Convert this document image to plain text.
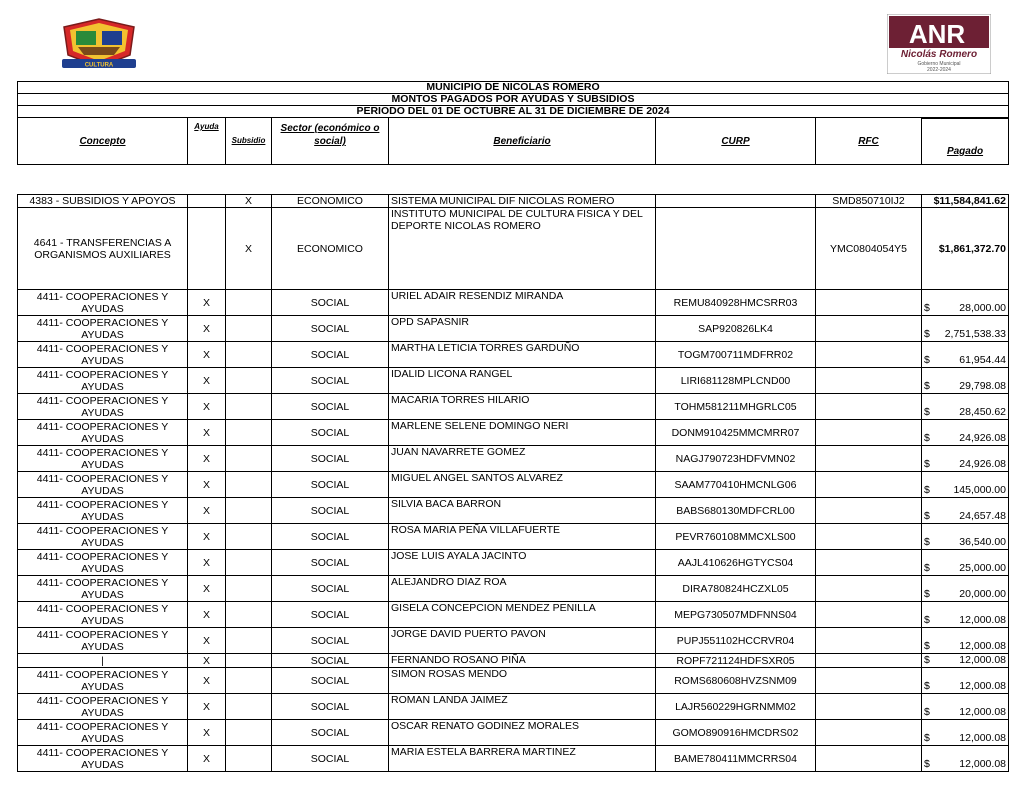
CULTURA
ANR
Nicolás Romero
Gobierno Municipal
2022-2024
MUNICIPIO DE NICOLAS ROMERO
MONTOS PAGADOS POR AYUDAS Y SUBSIDIOS
PERIODO DEL 01 DE OCTUBRE AL 31 DE DICIEMBRE DE 2024
Concepto	Ayuda	Subsidio	Sector (económico o social)	Beneficiario	CURP	RFC	Pagado
4383 - SUBSIDIOS Y APOYOS		X	ECONOMICO	SISTEMA MUNICIPAL DIF NICOLAS ROMERO		SMD850710IJ2	$11,584,841.62
4641 - TRANSFERENCIAS A ORGANISMOS AUXILIARES		X	ECONOMICO	INSTITUTO MUNICIPAL DE CULTURA FISICA Y DEL DEPORTE NICOLAS ROMERO		YMC0804054Y5	$1,861,372.70
4411- COOPERACIONES Y AYUDAS	X		SOCIAL	URIEL ADAIR RESENDIZ MIRANDA	REMU840928HMCSRR03		$ 28,000.00

4411- COOPERACIONES Y AYUDAS	X		SOCIAL	OPD SAPASNIR	SAP920826LK4		$ 2,751,538.33

4411- COOPERACIONES Y AYUDAS	X		SOCIAL	MARTHA LETICIA TORRES GARDUÑO	TOGM700711MDFRR02		$ 61,954.44

4411- COOPERACIONES Y AYUDAS	X		SOCIAL	IDALID LICONA RANGEL	LIRI681128MPLCND00		$ 29,798.08

4411- COOPERACIONES Y AYUDAS	X		SOCIAL	MACARIA TORRES HILARIO	TOHM581211MHGRLC05		$ 28,450.62

4411- COOPERACIONES Y AYUDAS	X		SOCIAL	MARLENE SELENE DOMINGO NERI	DONM910425MMCMRR07		$ 24,926.08

4411- COOPERACIONES Y AYUDAS	X		SOCIAL	JUAN NAVARRETE GOMEZ	NAGJ790723HDFVMN02		$ 24,926.08

4411- COOPERACIONES Y AYUDAS	X		SOCIAL	MIGUEL ANGEL SANTOS ALVAREZ	SAAM770410HMCNLG06		$ 145,000.00

4411- COOPERACIONES Y AYUDAS	X		SOCIAL	SILVIA BACA BARRON	BABS680130MDFCRL00		$ 24,657.48

4411- COOPERACIONES Y AYUDAS	X		SOCIAL	ROSA MARIA PEÑA VILLAFUERTE	PEVR760108MMCXLS00		$ 36,540.00

4411- COOPERACIONES Y AYUDAS	X		SOCIAL	JOSE LUIS AYALA JACINTO	AAJL410626HGTYCS04		$ 25,000.00

4411- COOPERACIONES Y AYUDAS	X		SOCIAL	ALEJANDRO DIAZ ROA	DIRA780824HCZXL05		$ 20,000.00

4411- COOPERACIONES Y AYUDAS	X		SOCIAL	GISELA CONCEPCION MENDEZ PENILLA	MEPG730507MDFNNS04		$ 12,000.08

4411- COOPERACIONES Y AYUDAS	X		SOCIAL	JORGE DAVID PUERTO PAVON	PUPJ551102HCCRVR04		$ 12,000.08

|	X		SOCIAL	FERNANDO ROSANO PIÑA	ROPF721124HDFSXR05		$ 12,000.08

4411- COOPERACIONES Y AYUDAS	X		SOCIAL	SIMON ROSAS MENDO	ROMS680608HVZSNM09		$ 12,000.08

4411- COOPERACIONES Y AYUDAS	X		SOCIAL	ROMAN LANDA JAIMEZ	LAJR560229HGRNMM02		$ 12,000.08

4411- COOPERACIONES Y AYUDAS	X		SOCIAL	OSCAR RENATO GODINEZ MORALES	GOMO890916HMCDRS02		$ 12,000.08

4411- COOPERACIONES Y AYUDAS	X		SOCIAL	MARIA ESTELA BARRERA MARTINEZ	BAME780411MMCRRS04		$ 12,000.08
